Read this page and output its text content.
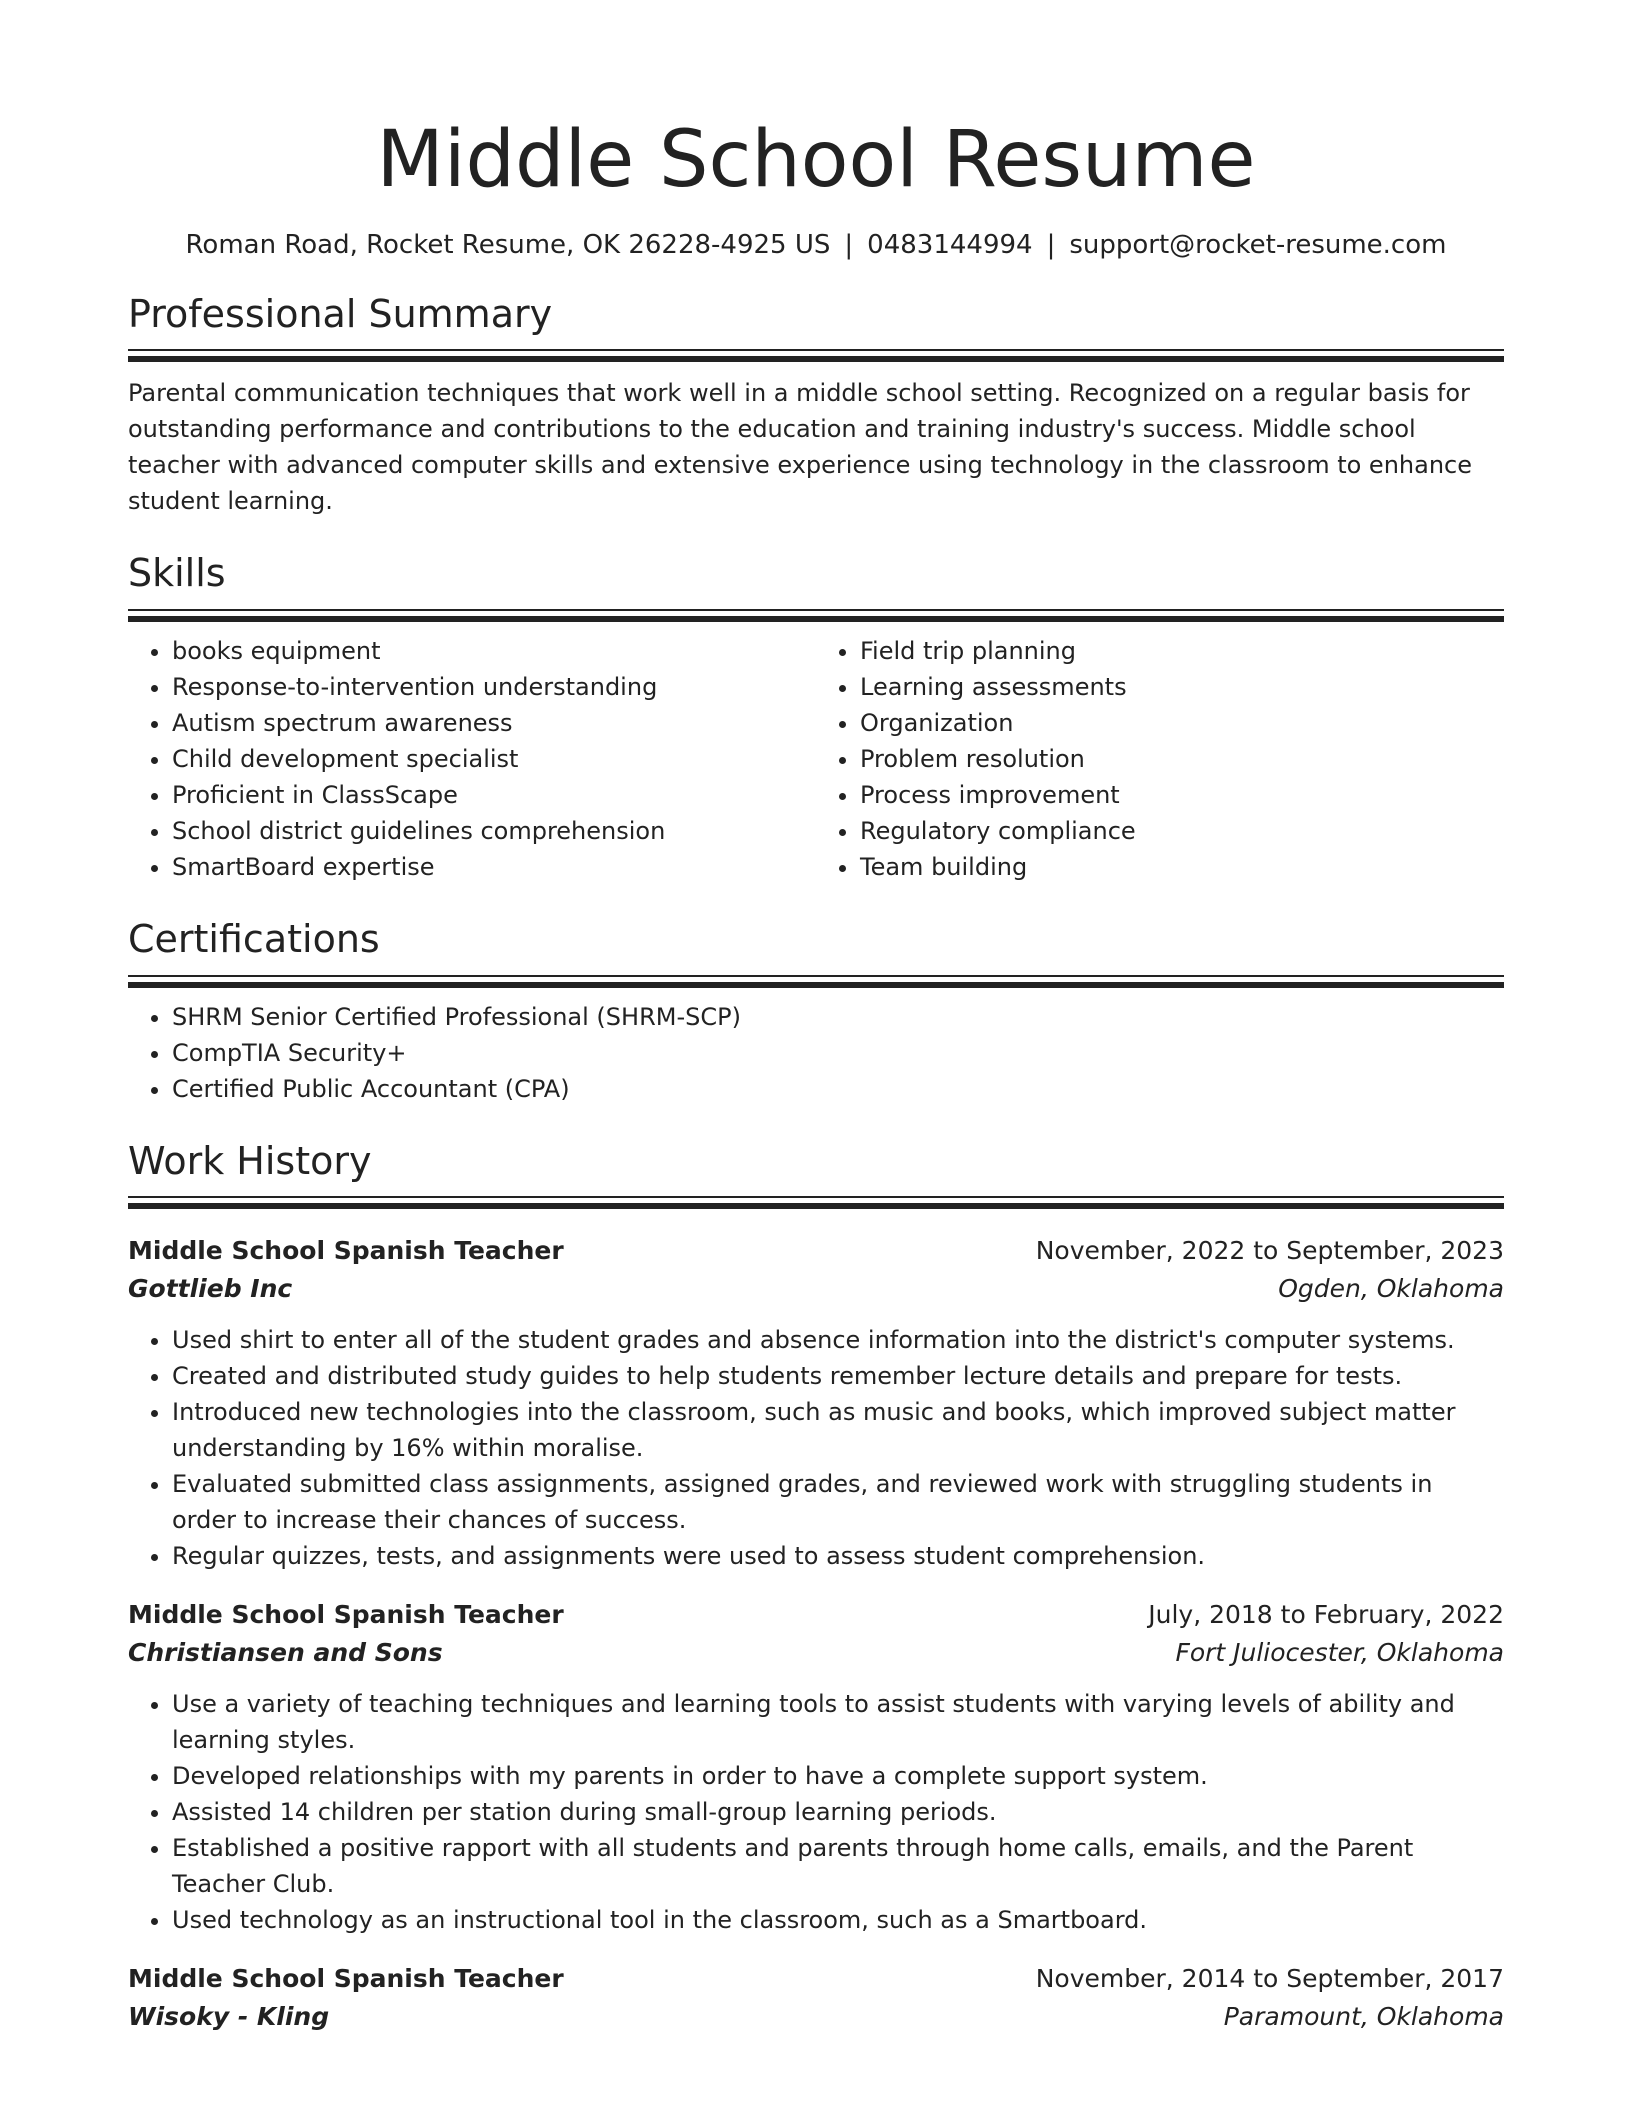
Middle School Resume
Roman Road, Rocket Resume, OK 26228-4925 US | 0483144994 | support@rocket-resume.com
Professional Summary
Parental communication techniques that work well in a middle school setting. Recognized on a regular basis for outstanding performance and contributions to the education and training industry's success. Middle school teacher with advanced computer skills and extensive experience using technology in the classroom to enhance student learning.
Skills
• books equipment
• Response-to-intervention understanding
• Autism spectrum awareness
• Child development specialist
• Proficient in ClassScape
• School district guidelines comprehension
• SmartBoard expertise
• Field trip planning
• Learning assessments
• Organization
• Problem resolution
• Process improvement
• Regulatory compliance
• Team building
Certifications
• SHRM Senior Certified Professional (SHRM-SCP)
• CompTIA Security+
• Certified Public Accountant (CPA)
Work History
Middle School Spanish Teacher	November, 2022 to September, 2023
Gottlieb Inc	Ogden, Oklahoma
• Used shirt to enter all of the student grades and absence information into the district's computer systems.
• Created and distributed study guides to help students remember lecture details and prepare for tests.
• Introduced new technologies into the classroom, such as music and books, which improved subject matter understanding by 16% within moralise.
• Evaluated submitted class assignments, assigned grades, and reviewed work with struggling students in order to increase their chances of success.
• Regular quizzes, tests, and assignments were used to assess student comprehension.
Middle School Spanish Teacher	July, 2018 to February, 2022
Christiansen and Sons	Fort Juliocester, Oklahoma
• Use a variety of teaching techniques and learning tools to assist students with varying levels of ability and learning styles.
• Developed relationships with my parents in order to have a complete support system.
• Assisted 14 children per station during small-group learning periods.
• Established a positive rapport with all students and parents through home calls, emails, and the Parent Teacher Club.
• Used technology as an instructional tool in the classroom, such as a Smartboard.
Middle School Spanish Teacher	November, 2014 to September, 2017
Wisoky - Kling	Paramount, Oklahoma
